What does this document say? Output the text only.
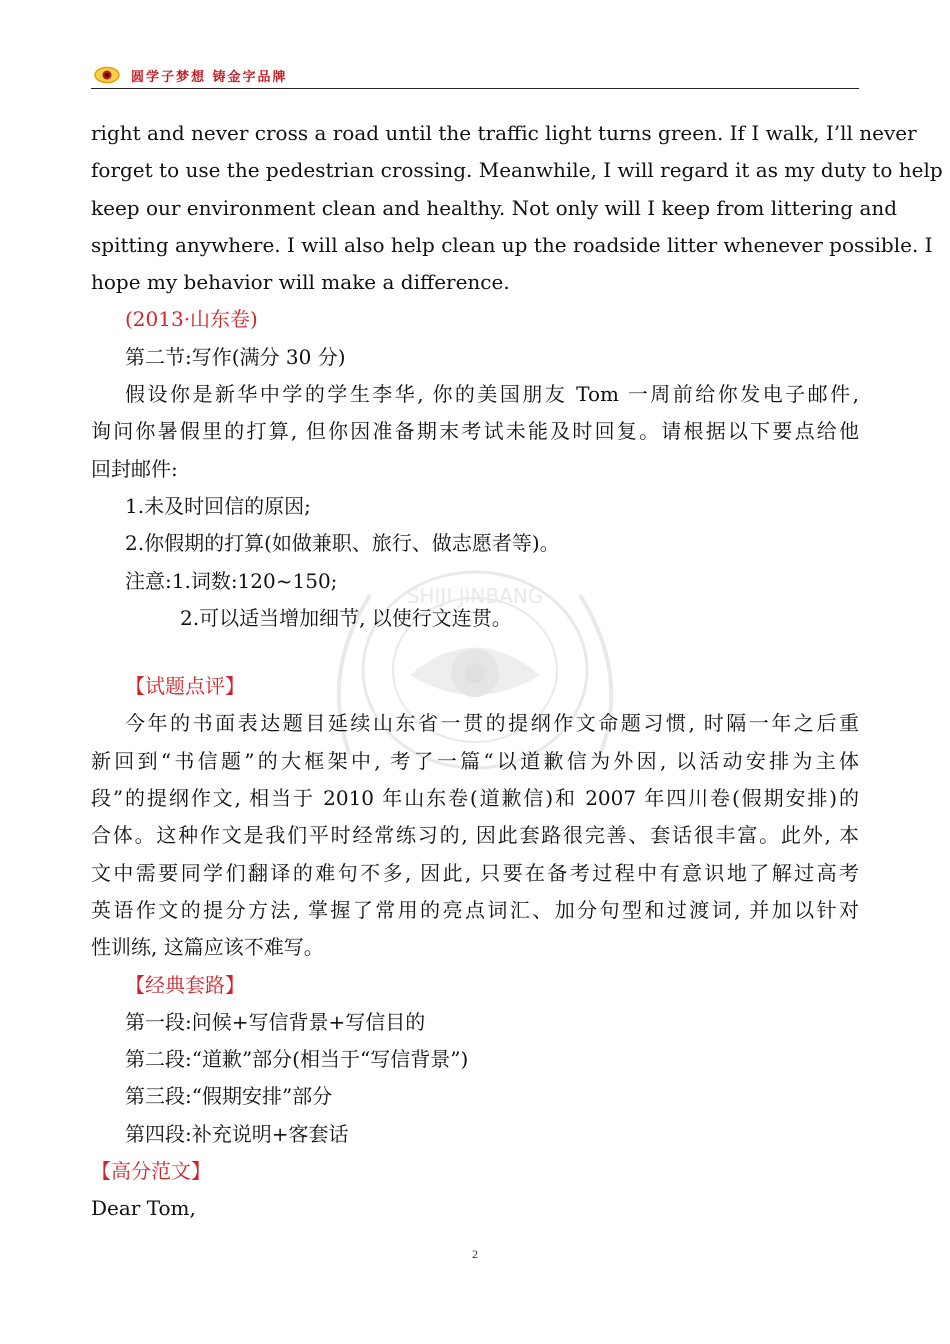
圆学子梦想 铸金字品牌
SHIJI JINBANG
right and never cross a road until the traffic light turns green. If I walk, I’ll never
forget to use the pedestrian crossing. Meanwhile, I will regard it as my duty to help
keep our environment clean and healthy. Not only will I keep from littering and
spitting anywhere. I will also help clean up the roadside litter whenever possible. I
hope my behavior will make a difference.
(2013·山东卷)
第二节:写作(满分 30 分)
假设你是新华中学的学生李华, 你的美国朋友 Tom 一周前给你发电子邮件,
询问你暑假里的打算, 但你因准备期末考试未能及时回复。请根据以下要点给他
回封邮件:
1.未及时回信的原因;
2.你假期的打算(如做兼职、旅行、做志愿者等)。
注意:1.词数:120~150;
2.可以适当增加细节, 以使行文连贯。
【试题点评】
今年的书面表达题目延续山东省一贯的提纲作文命题习惯, 时隔一年之后重
新回到“书信题”的大框架中, 考了一篇“以道歉信为外因, 以活动安排为主体
段”的提纲作文, 相当于 2010 年山东卷(道歉信)和 2007 年四川卷(假期安排)的
合体。这种作文是我们平时经常练习的, 因此套路很完善、套话很丰富。此外, 本
文中需要同学们翻译的难句不多, 因此, 只要在备考过程中有意识地了解过高考
英语作文的提分方法, 掌握了常用的亮点词汇、加分句型和过渡词, 并加以针对
性训练, 这篇应该不难写。
【经典套路】
第一段:问候+写信背景+写信目的
第二段:“道歉”部分(相当于“写信背景”)
第三段:“假期安排”部分
第四段:补充说明+客套话
【高分范文】
Dear Tom,
2
